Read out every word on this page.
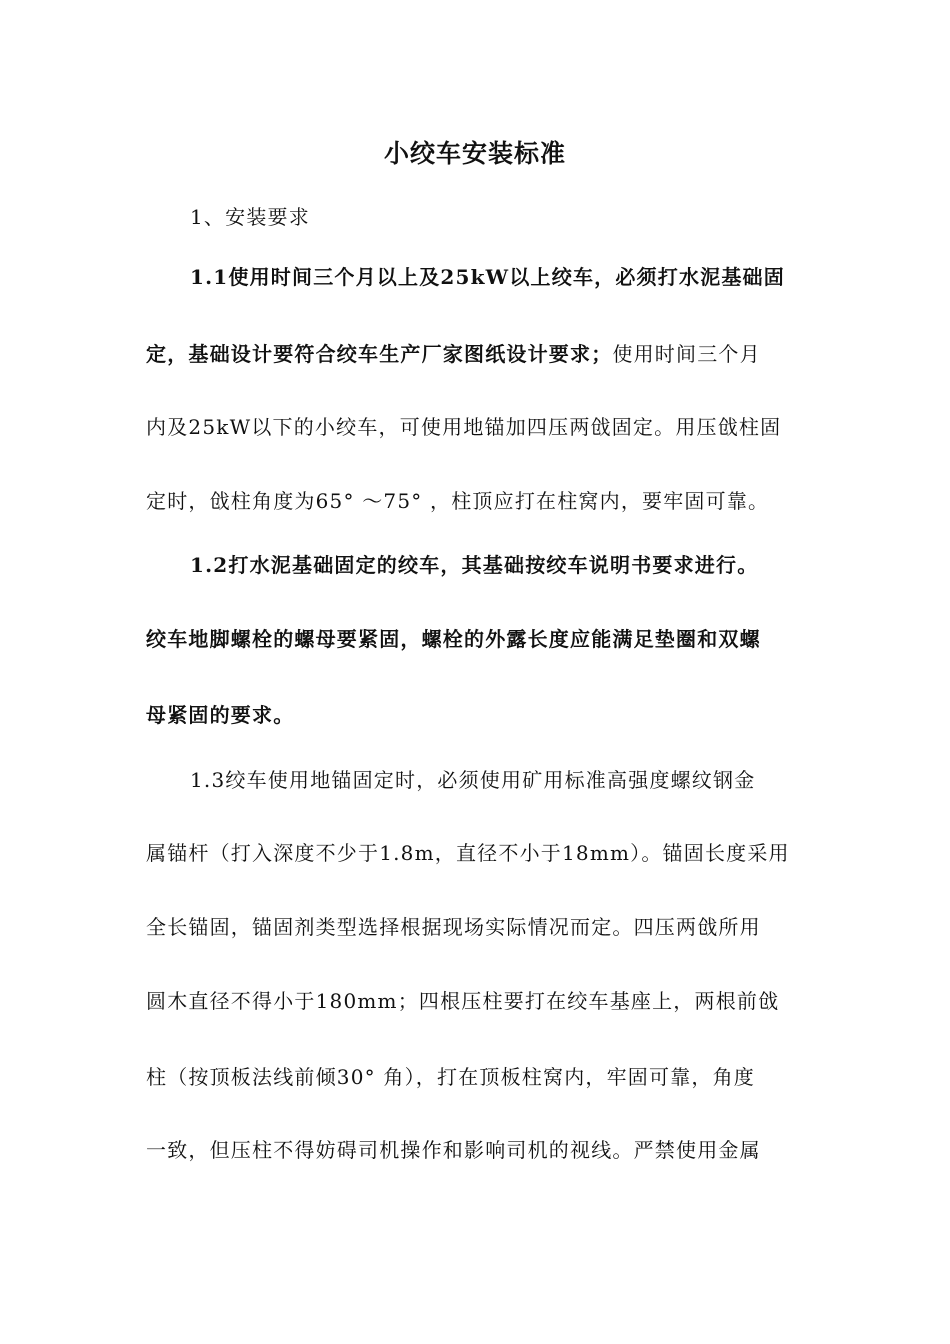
小绞车安装标准
1、安装要求
1.1使用时间三个月以上及25kW以上绞车，必须打水泥基础固
定，基础设计要符合绞车生产厂家图纸设计要求；使用时间三个月
内及25kW以下的小绞车，可使用地锚加四压两戗固定。用压戗柱固
定时，戗柱角度为65° ～75° ，柱顶应打在柱窝内，要牢固可靠。
1.2打水泥基础固定的绞车，其基础按绞车说明书要求进行。
绞车地脚螺栓的螺母要紧固，螺栓的外露长度应能满足垫圈和双螺
母紧固的要求。
1.3绞车使用地锚固定时，必须使用矿用标准高强度螺纹钢金
属锚杆（打入深度不少于1.8m，直径不小于18mm）。锚固长度采用
全长锚固，锚固剂类型选择根据现场实际情况而定。四压两戗所用
圆木直径不得小于180mm；四根压柱要打在绞车基座上，两根前戗
柱（按顶板法线前倾30° 角），打在顶板柱窝内，牢固可靠，角度
一致，但压柱不得妨碍司机操作和影响司机的视线。严禁使用金属
